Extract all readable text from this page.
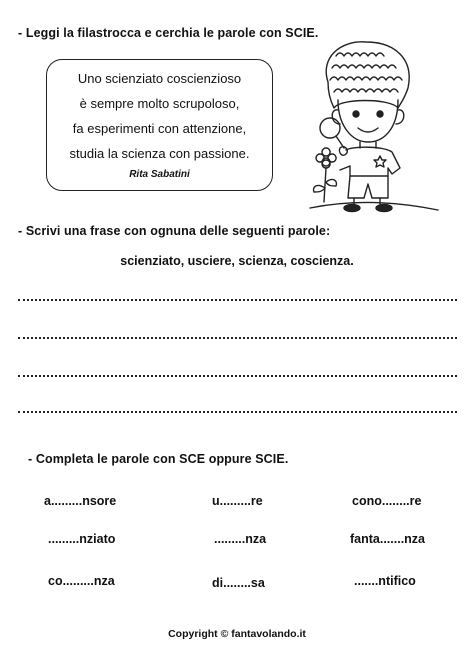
- Leggi la filastrocca e cerchia le parole con SCIE.
Uno scienziato coscienzioso
è sempre molto scrupoloso,
fa esperimenti con attenzione,
studia la scienza con passione.
Rita Sabatini
- Scrivi una frase con ognuna delle seguenti parole:
scienziato, usciere, scienza, coscienza.
- Completa le parole con SCE oppure SCIE.
a.........nsore	u.........re	cono........re
.........nziato	.........nza	fanta.......nza
co.........nza	di........sa	.......ntifico
Copyright © fantavolando.it
